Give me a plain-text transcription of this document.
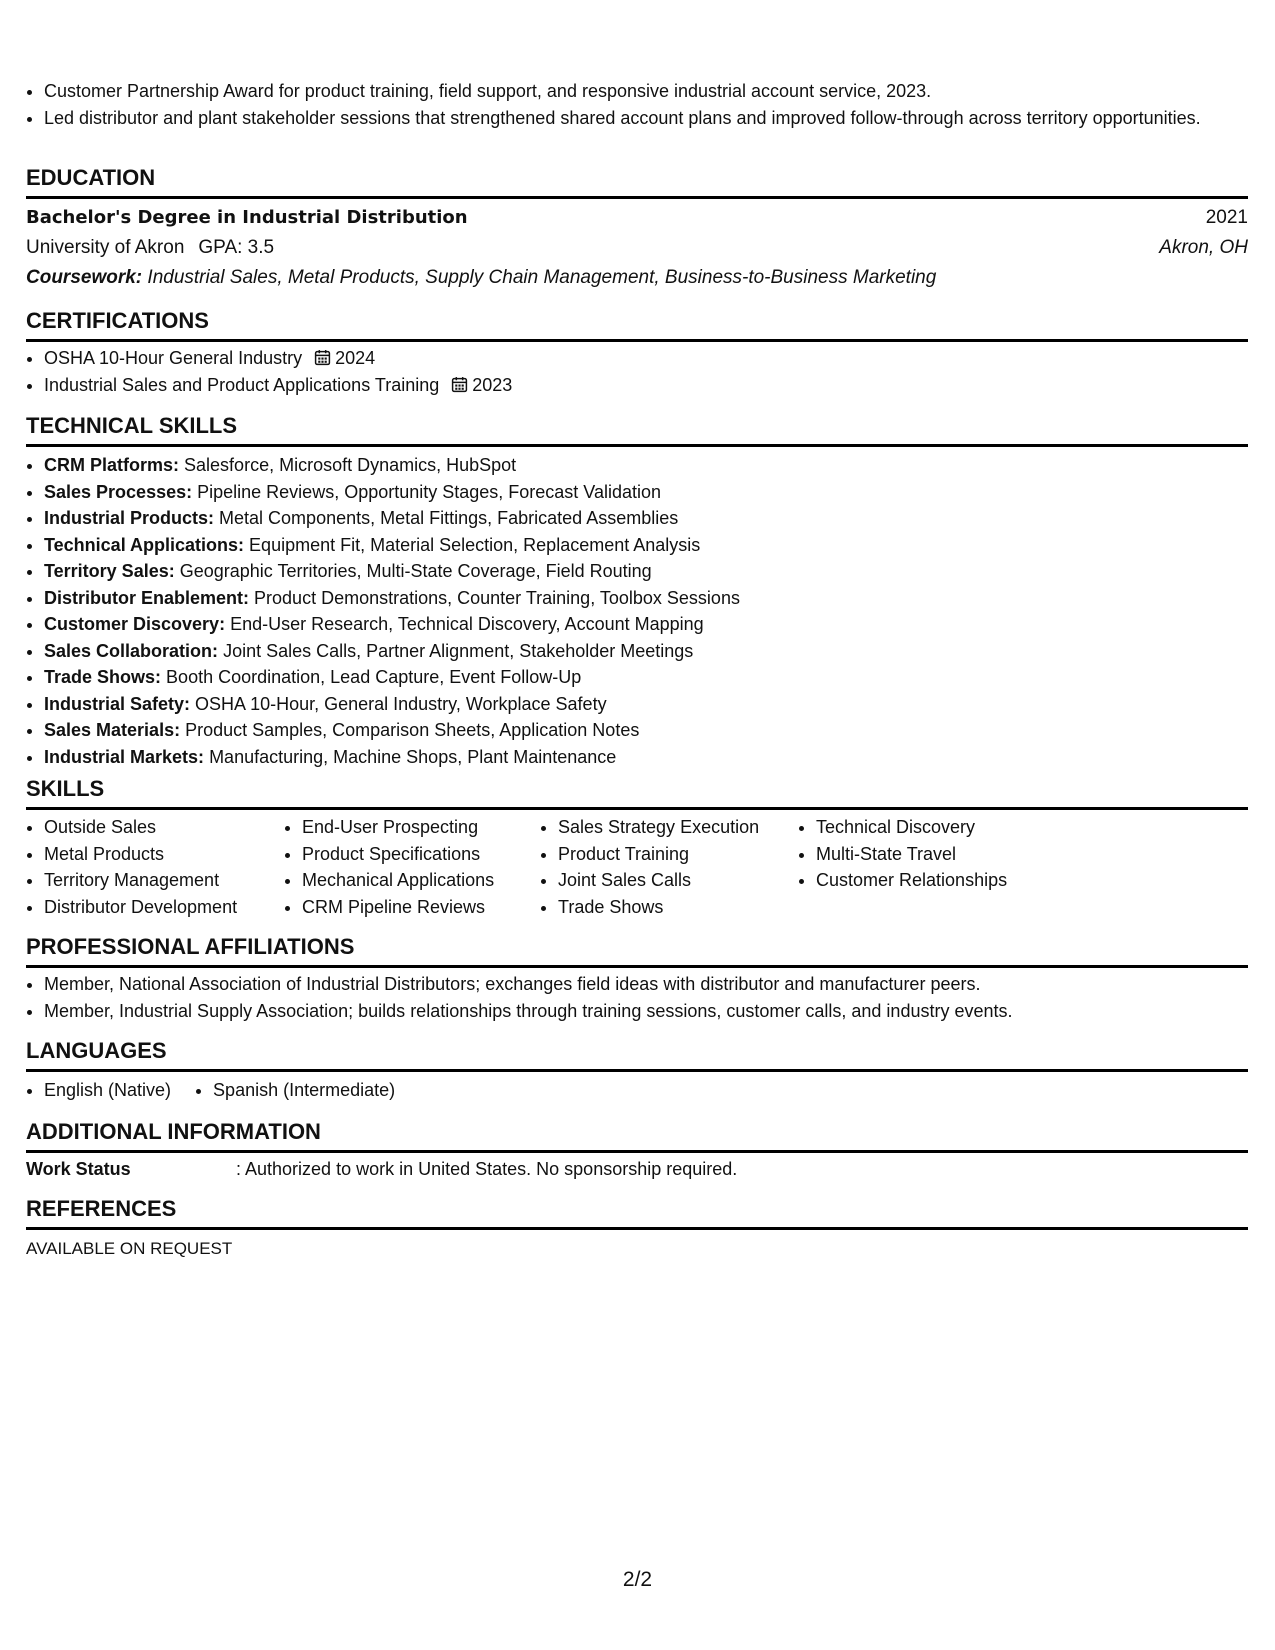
• Customer Partnership Award for product training, field support, and responsive industrial account service, 2023.
• Led distributor and plant stakeholder sessions that strengthened shared account plans and improved follow-through across territory opportunities.
EDUCATION
Bachelor's Degree in Industrial Distribution	2021
University of Akron GPA: 3.5	Akron, OH
Coursework: Industrial Sales, Metal Products, Supply Chain Management, Business-to-Business Marketing
CERTIFICATIONS
• OSHA 10-Hour General Industry 2024
• Industrial Sales and Product Applications Training 2023
TECHNICAL SKILLS
• CRM Platforms: Salesforce, Microsoft Dynamics, HubSpot
• Sales Processes: Pipeline Reviews, Opportunity Stages, Forecast Validation
• Industrial Products: Metal Components, Metal Fittings, Fabricated Assemblies
• Technical Applications: Equipment Fit, Material Selection, Replacement Analysis
• Territory Sales: Geographic Territories, Multi-State Coverage, Field Routing
• Distributor Enablement: Product Demonstrations, Counter Training, Toolbox Sessions
• Customer Discovery: End-User Research, Technical Discovery, Account Mapping
• Sales Collaboration: Joint Sales Calls, Partner Alignment, Stakeholder Meetings
• Trade Shows: Booth Coordination, Lead Capture, Event Follow-Up
• Industrial Safety: OSHA 10-Hour, General Industry, Workplace Safety
• Sales Materials: Product Samples, Comparison Sheets, Application Notes
• Industrial Markets: Manufacturing, Machine Shops, Plant Maintenance
SKILLS
• Outside Sales
• Metal Products
• Territory Management
• Distributor Development
• End-User Prospecting
• Product Specifications
• Mechanical Applications
• CRM Pipeline Reviews
• Sales Strategy Execution
• Product Training
• Joint Sales Calls
• Trade Shows
• Technical Discovery
• Multi-State Travel
• Customer Relationships
PROFESSIONAL AFFILIATIONS
• Member, National Association of Industrial Distributors; exchanges field ideas with distributor and manufacturer peers.
• Member, Industrial Supply Association; builds relationships through training sessions, customer calls, and industry events.
LANGUAGES
• English (Native)
• Spanish (Intermediate)
ADDITIONAL INFORMATION
Work Status	: Authorized to work in United States. No sponsorship required.
REFERENCES
AVAILABLE ON REQUEST
2/2
